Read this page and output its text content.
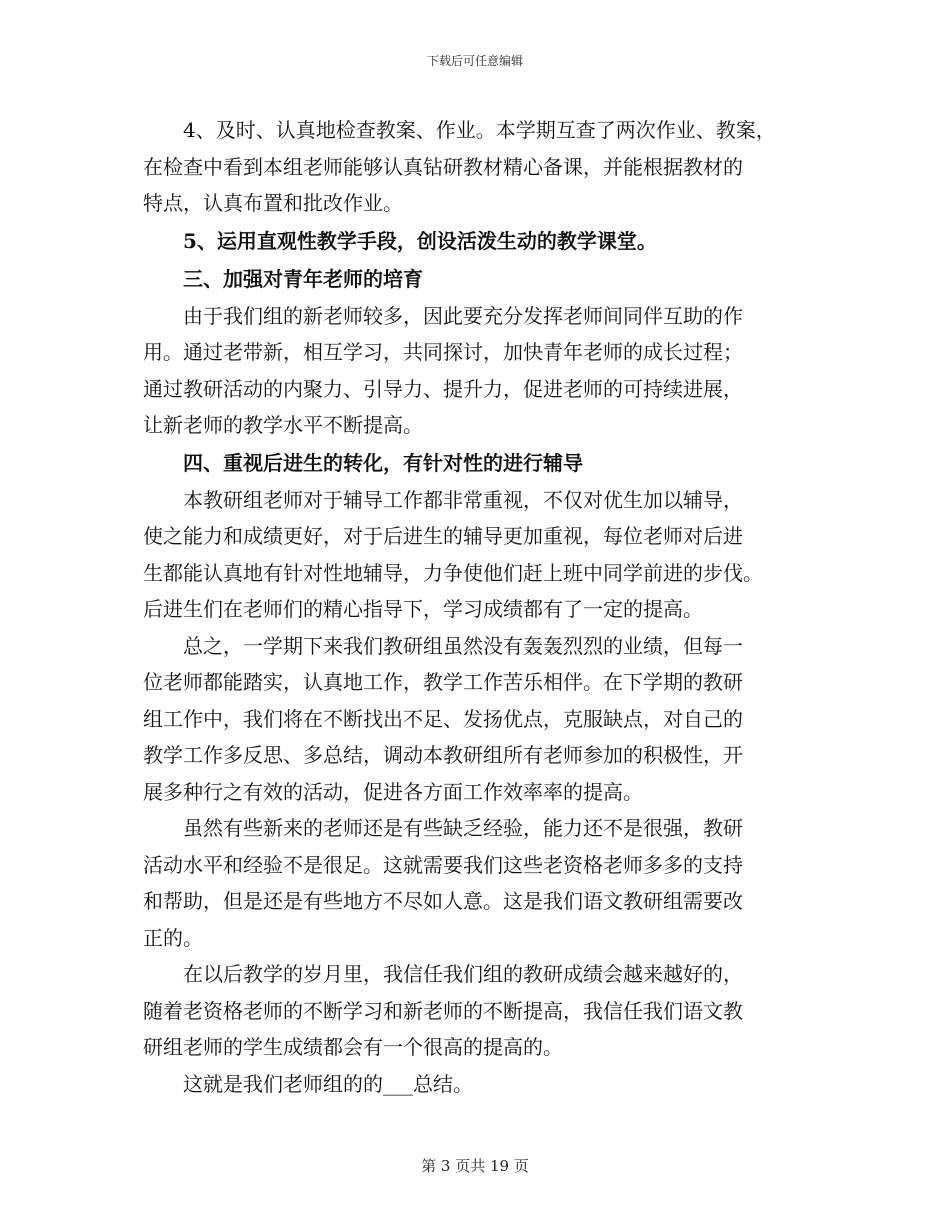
下载后可任意编辑
4、及时、认真地检查教案、作业。本学期互查了两次作业、教案，
在检查中看到本组老师能够认真钻研教材精心备课，并能根据教材的
特点，认真布置和批改作业。
5、运用直观性教学手段，创设活泼生动的教学课堂。
三、加强对青年老师的培育
由于我们组的新老师较多，因此要充分发挥老师间同伴互助的作
用。通过老带新，相互学习，共同探讨，加快青年老师的成长过程；
通过教研活动的内聚力、引导力、提升力，促进老师的可持续进展，
让新老师的教学水平不断提高。
四、重视后进生的转化，有针对性的进行辅导
本教研组老师对于辅导工作都非常重视，不仅对优生加以辅导，
使之能力和成绩更好，对于后进生的辅导更加重视，每位老师对后进
生都能认真地有针对性地辅导，力争使他们赶上班中同学前进的步伐。
后进生们在老师们的精心指导下，学习成绩都有了一定的提高。
总之，一学期下来我们教研组虽然没有轰轰烈烈的业绩，但每一
位老师都能踏实，认真地工作，教学工作苦乐相伴。在下学期的教研
组工作中，我们将在不断找出不足、发扬优点，克服缺点，对自己的
教学工作多反思、多总结，调动本教研组所有老师参加的积极性，开
展多种行之有效的活动，促进各方面工作效率率的提高。
虽然有些新来的老师还是有些缺乏经验，能力还不是很强，教研
活动水平和经验不是很足。这就需要我们这些老资格老师多多的支持
和帮助，但是还是有些地方不尽如人意。这是我们语文教研组需要改
正的。
在以后教学的岁月里，我信任我们组的教研成绩会越来越好的，
随着老资格老师的不断学习和新老师的不断提高，我信任我们语文教
研组老师的学生成绩都会有一个很高的提高的。
这就是我们老师组的的___总结。
第 3 页共 19 页
